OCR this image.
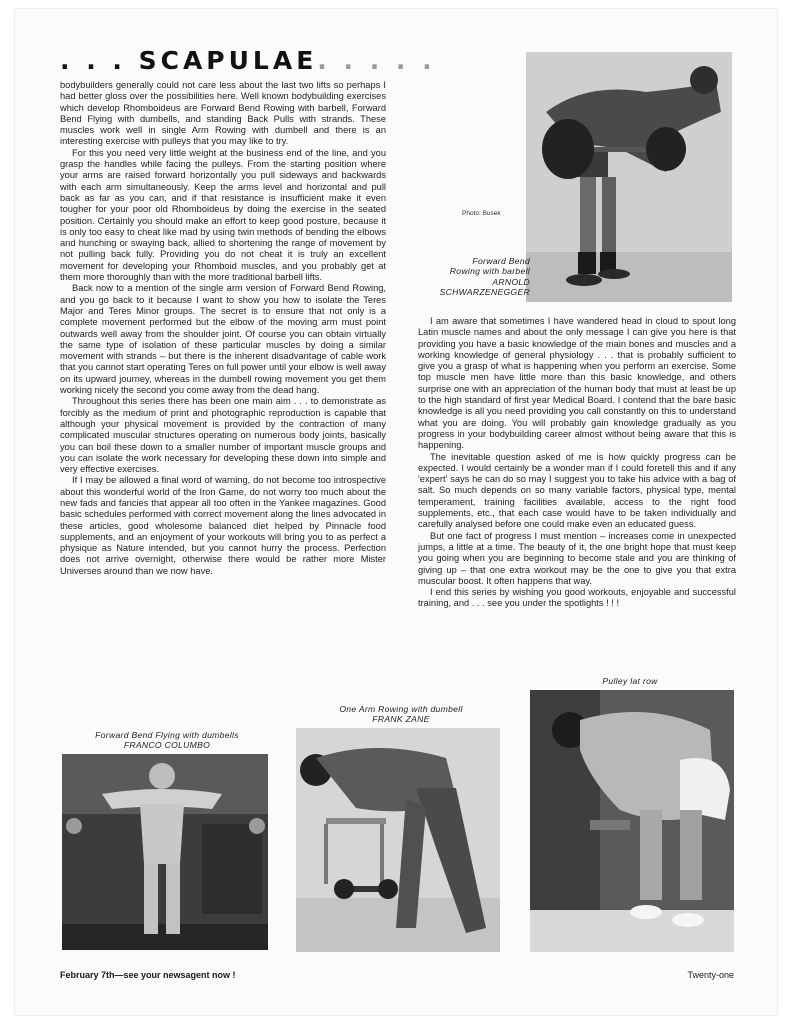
. . . SCAPULAE. . . . .

bodybuilders generally could not care less about the last two lifts so perhaps I had better gloss over the possibilities here. Well known bodybuilding exercises which develop Rhomboideus are Forward Bend Rowing with barbell, Forward Bend Flying with dumbells, and standing Back Pulls with strands. These muscles work well in single Arm Rowing with dumbell and there is an interesting exercise with pulleys that you may like to try.

For this you need very little weight at the business end of the line, and you grasp the handles while facing the pulleys. From the starting position where your arms are raised forward horizontally you pull sideways and backwards with each arm simultaneously. Keep the arms level and horizontal and pull back as far as you can, and if that resistance is insufficient make it even tougher for your poor old Rhomboideus by doing the exercise in the seated position. Certainly you should make an effort to keep good posture, because it is only too easy to cheat like mad by using twin methods of bending the elbows and hunching or swaying back, allied to shortening the range of movement by not pulling back fully. Providing you do not cheat it is truly an excellent movement for developing your Rhomboid muscles, and you probably get at them more thoroughly than with the more traditional barbell lifts.

Back now to a mention of the single arm version of Forward Bend Rowing, and you go back to it because I want to show you how to isolate the Teres Major and Teres Minor groups. The secret is to ensure that not only is a complete movement performed but the elbow of the moving arm must point outwards well away from the shoulder joint. Of course you can obtain virtually the same type of isolation of these particular muscles by doing a similar movement with strands – but there is the inherent disadvantage of cable work that you cannot start operating Teres on full power until your elbow is well away on its upward journey, whereas in the dumbell rowing movement you get them working nicely the second you come away from the dead hang.

Throughout this series there has been one main aim . . . to demonstrate as forcibly as the medium of print and photographic reproduction is capable that although your physical movement is provided by the contraction of many complicated muscular structures operating on numerous body joints, basically you can boil these down to a smaller number of important muscle groups and you can isolate the work necessary for developing these down into simple and very effective exercises.

If I may be allowed a final word of warning, do not become too introspective about this wonderful world of the Iron Game, do not worry too much about the new fads and fancies that appear all too often in the Yankee magazines. Good basic schedules performed with correct movement along the lines advocated in these articles, good wholesome balanced diet helped by Pinnacle food supplements, and an enjoyment of your workouts will bring you to as perfect a physique as Nature intended, but you cannot hurry the process. Perfection does not arrive overnight, otherwise there would be rather more Mister Universes around than we now have.

Photo: Busek
Forward Bend
Rowing with barbell
ARNOLD
SCHWARZENEGGER

I am aware that sometimes I have wandered head in cloud to spout long Latin muscle names and about the only message I can give you here is that providing you have a basic knowledge of the main bones and muscles and a working knowledge of general physiology . . . that is probably sufficient to give you a grasp of what is happening when you perform an exercise. Some top muscle men have little more than this basic knowledge, and others surprise one with an appreciation of the human body that must at least be up to the high standard of first year Medical Board. I contend that the bare basic knowledge is all you need providing you call constantly on this to understand what you are doing. You will probably gain knowledge gradually as you progress in your bodybuilding career almost without being aware that this is happening.

The inevitable question asked of me is how quickly progress can be expected. I would certainly be a wonder man if I could foretell this and if any 'expert' says he can do so may I suggest you to take his advice with a bag of salt. So much depends on so many variable factors, physical type, mental temperament, training facilities available, access to the right food supplements, etc., that each case would have to be taken individually and carefully analysed before one could make even an educated guess.

But one fact of progress I must mention – increases come in unexpected jumps, a little at a time. The beauty of it, the one bright hope that must keep you going when you are beginning to become stale and you are thinking of giving up – that one extra workout may be the one to give you that extra muscular boost. It often happens that way.

I end this series by wishing you good workouts, enjoyable and successful training, and . . . see you under the spotlights ! ! !

Forward Bend Flying with dumbells
FRANCO COLUMBO
One Arm Rowing with dumbell
FRANK ZANE
Pulley lat row
February 7th—see your newsagent now !	Twenty-one
